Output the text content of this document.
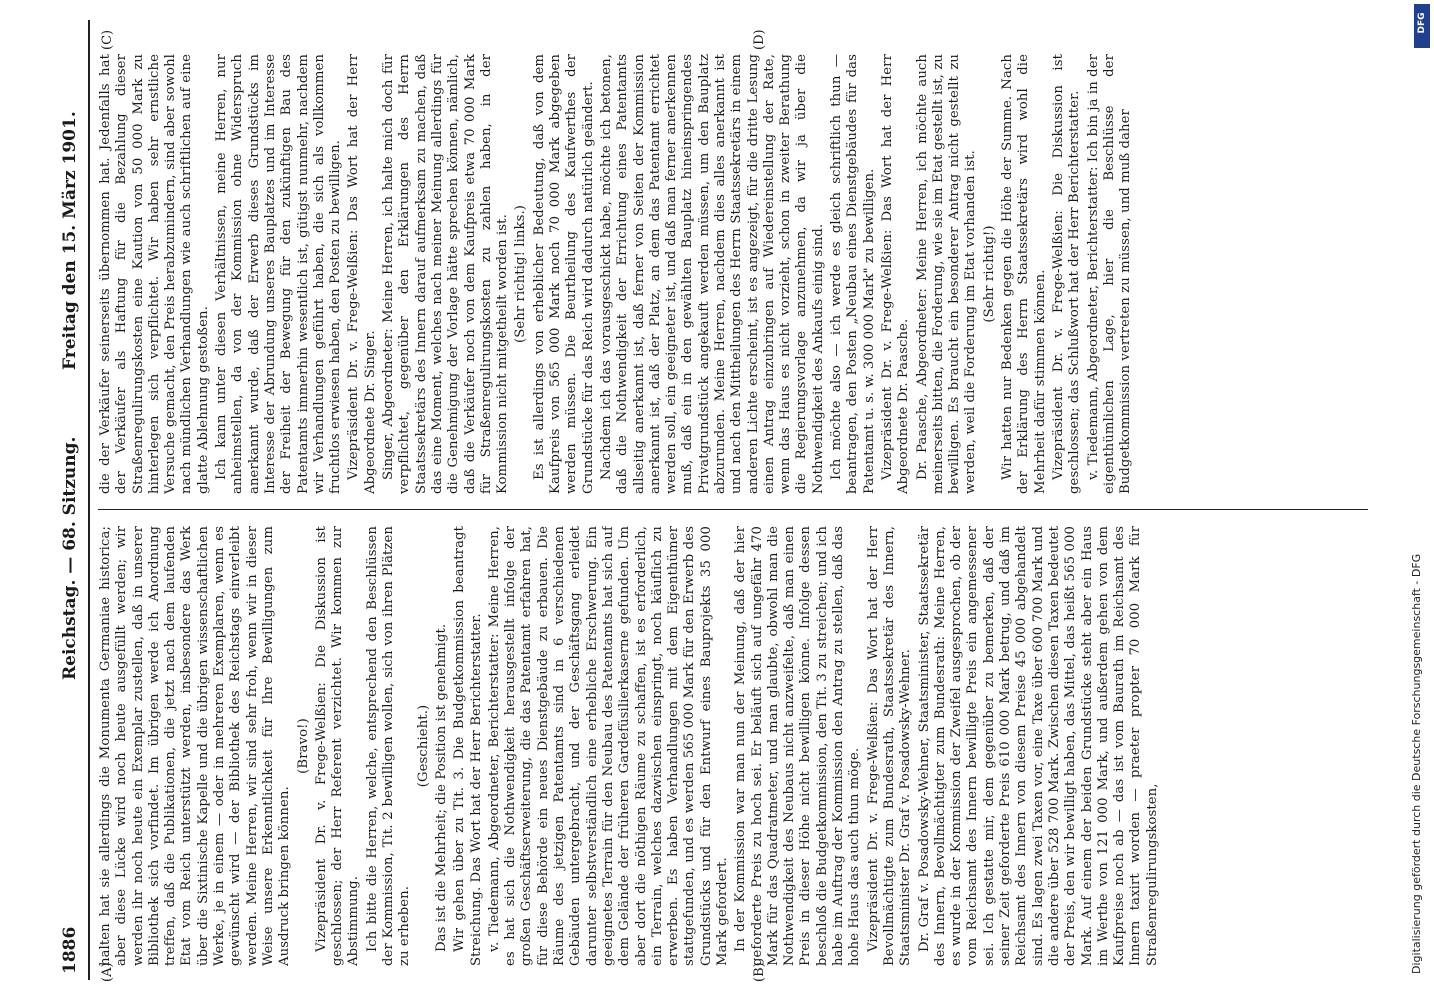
1886
Reichstag. — 68. Sitzung.
Freitag den 15. März 1901.
(A)	(B)
(C)	(D)

halten hat sie allerdings die Monumenta Germaniae historica; aber diese Lücke wird noch heute ausgefüllt werden; wir werden ihr noch heute ein Exemplar zustellen, daß in unserer Bibliothek sich vorfindet. Im übrigen werde ich Anordnung treffen, daß die Publikationen, die jetzt nach dem laufenden Etat vom Reich unterstützt werden, insbesondere das Werk über die Sixtinische Kapelle und die übrigen wissenschaftlichen Werke, je in einem — oder in mehreren Exemplaren, wenn es gewünscht wird — der Bibliothek des Reichstags einverleibt werden. Meine Herren, wir sind sehr froh, wenn wir in dieser Weise unsere Erkenntlichkeit für Ihre Bewilligungen zum Ausdruck bringen können.

(Bravo!) Vizepräsident Dr. v. Frege-Welßien: Die Diskussion ist geschlossen; der Herr Referent verzichtet. Wir kommen zur Abstimmung. Ich bitte die Herren, welche, entsprechend den Beschlüssen der Kommission, Tit. 2 bewilligen wollen, sich von ihren Plätzen zu erheben.

(Geschieht.) Das ist die Mehrheit; die Position ist genehmigt. Wir gehen über zu Tit. 3. Die Budgetkommission beantragt Streichung. Das Wort hat der Herr Berichterstatter. v. Tiedemann, Abgeordneter, Berichterstatter: Meine Herren, es hat sich die Nothwendigkeit herausgestellt infolge der großen Geschäftserweiterung, die das Patentamt erfahren hat, für diese Behörde ein neues Dienstgebäude zu erbauen. Die Räume des jetzigen Patentamts sind in 6 verschiedenen Gebäuden untergebracht, und der Geschäftsgang erleidet darunter selbstverständlich eine erhebliche Erschwerung. Ein geeignetes Terrain für den Neubau des Patentamts hat sich auf dem Gelände der früheren Gardefüsilierkaserne gefunden. Um aber dort die nöthigen Räume zu schaffen, ist es erforderlich, ein Terrain, welches dazwischen einspringt, noch käuflich zu erwerben. Es haben Verhandlungen mit dem Eigenthümer stattgefunden, und es werden 565 000 Mark für den Erwerb des Grundstücks und für den Entwurf eines Bauprojekts 35 000 Mark gefordert. In der Kommission war man nun der Meinung, daß der hier geforderte Preis zu hoch sei. Er beläuft sich auf ungefähr 470 Mark für das Quadratmeter, und man glaubte, obwohl man die Nothwendigkeit des Neubaus nicht anzweifelte, daß man einen Preis in dieser Höhe nicht bewilligen könne. Infolge dessen beschloß die Budgetkommission, den Tit. 3 zu streichen; und ich habe im Auftrag der Kommission den Antrag zu stellen, daß das hohe Haus das auch thun möge. Vizepräsident Dr. v. Frege-Welßien: Das Wort hat der Herr Bevollmächtigte zum Bundesrath, Staatssekretär des Innern, Staatsminister Dr. Graf v. Posadowsky-Wehner. Dr. Graf v. Posadowsky-Wehner, Staatsminister, Staatssekretär des Innern, Bevollmächtigter zum Bundesrath: Meine Herren, es wurde in der Kommission der Zweifel ausgesprochen, ob der vom Reichsamt des Innern bewilligte Preis ein angemessener sei. Ich gestatte mir, dem gegenüber zu bemerken, daß der seiner Zeit geforderte Preis 610 000 Mark betrug, und daß im Reichsamt des Innern von diesem Preise 45 000 abgehandelt sind. Es lagen zwei Taxen vor, eine Taxe über 600 700 Mark und die andere über 528 700 Mark. Zwischen diesen Taxen bedeutet der Preis, den wir bewilligt haben, das Mittel, das heißt 565 000 Mark. Auf einem der beiden Grundstücke steht aber ein Haus im Werthe von 121 000 Mark, und außerdem gehen von dem Kaufpreise noch ab — das ist vom Baurath im Reichsamt des Innern taxirt worden — praeter propter 70 000 Mark für Straßenregulirungskosten,

die der Verkäufer seinerseits übernommen hat. Jedenfalls hat der Verkäufer als Haftung für die Bezahlung dieser Straßenregulirungskosten eine Kaution von 50 000 Mark zu hinterlegen sich verpflichtet. Wir haben sehr ernstliche Versuche gemacht, den Preis herabzumindern, sind aber sowohl nach mündlichen Verhandlungen wie auch schriftlichen auf eine glatte Ablehnung gestoßen. Ich kann unter diesen Verhältnissen, meine Herren, nur anheimstellen, da von der Kommission ohne Widerspruch anerkannt wurde, daß der Erwerb dieses Grundstücks im Interesse der Abrundung unseres Bauplatzes und im Interesse der Freiheit der Bewegung für den zukünftigen Bau des Patentamts immerhin wesentlich ist, gütigst nunmehr, nachdem wir Verhandlungen geführt haben, die sich als vollkommen fruchtlos erwiesen haben, den Posten zu bewilligen. Vizepräsident Dr. v. Frege-Welßien: Das Wort hat der Herr Abgeordnete Dr. Singer. Singer, Abgeordneter: Meine Herren, ich halte mich doch für verpflichtet, gegenüber den Erklärungen des Herrn Staatssekretärs des Innern darauf aufmerksam zu machen, daß das eine Moment, welches nach meiner Meinung allerdings für die Genehmigung der Vorlage hätte sprechen können, nämlich, daß die Verkäufer noch von dem Kaufpreis etwa 70 000 Mark für Straßenregulirungskosten zu zahlen haben, in der Kommission nicht mitgetheilt worden ist. (Sehr richtig! links.) Es ist allerdings von erheblicher Bedeutung, daß von dem Kaufpreis von 565 000 Mark noch 70 000 Mark abgegeben werden müssen. Die Beurtheilung des Kaufwerthes der Grundstücke für das Reich wird dadurch natürlich geändert. Nachdem ich das vorausgeschickt habe, möchte ich betonen, daß die Nothwendigkeit der Errichtung eines Patentamts allseitig anerkannt ist, daß ferner von Seiten der Kommission anerkannt ist, daß der Platz, an dem das Patentamt errichtet werden soll, ein geeigneter ist, und daß man ferner anerkennen muß, daß ein in den gewählten Bauplatz hineinspringendes Privatgrundstück angekauft werden müssen, um den Bauplatz abzurunden. Meine Herren, nachdem dies alles anerkannt ist und nach den Mittheilungen des Herrn Staatssekretärs in einem anderen Lichte erscheint, ist es angezeigt, für die dritte Lesung einen Antrag einzubringen auf Wiedereinstellung der Rate, wenn das Haus es nicht vorzieht, schon in zweiter Berathung die Regierungsvorlage anzunehmen, da wir ja über die Nothwendigkeit des Ankaufs einig sind. Ich möchte also — ich werde es gleich schriftlich thun — beantragen, den Posten „Neubau eines Dienstgebäudes für das Patentamt u. s. w. 300 000 Mark" zu bewilligen. Vizepräsident Dr. v. Frege-Welßien: Das Wort hat der Herr Abgeordnete Dr. Paasche. Dr. Paasche, Abgeordneter: Meine Herren, ich möchte auch meinerseits bitten, die Forderung, wie sie im Etat gestellt ist, zu bewilligen. Es braucht ein besonderer Antrag nicht gestellt zu werden, weil die Forderung im Etat vorhanden ist. (Sehr richtig!) Wir hatten nur Bedenken gegen die Höhe der Summe. Nach der Erklärung des Herrn Staatssekretärs wird wohl die Mehrheit dafür stimmen können. Vizepräsident Dr. v. Frege-Welßien: Die Diskussion ist geschlossen; das Schlußwort hat der Herr Berichterstatter. v. Tiedemann, Abgeordneter, Berichterstatter: Ich bin ja in der eigenthümlichen Lage, hier die Beschlüsse der Budgetkommission vertreten zu müssen, und muß daher

DFG
Digitalisierung gefördert durch die Deutsche Forschungsgemeinschaft - DFG
